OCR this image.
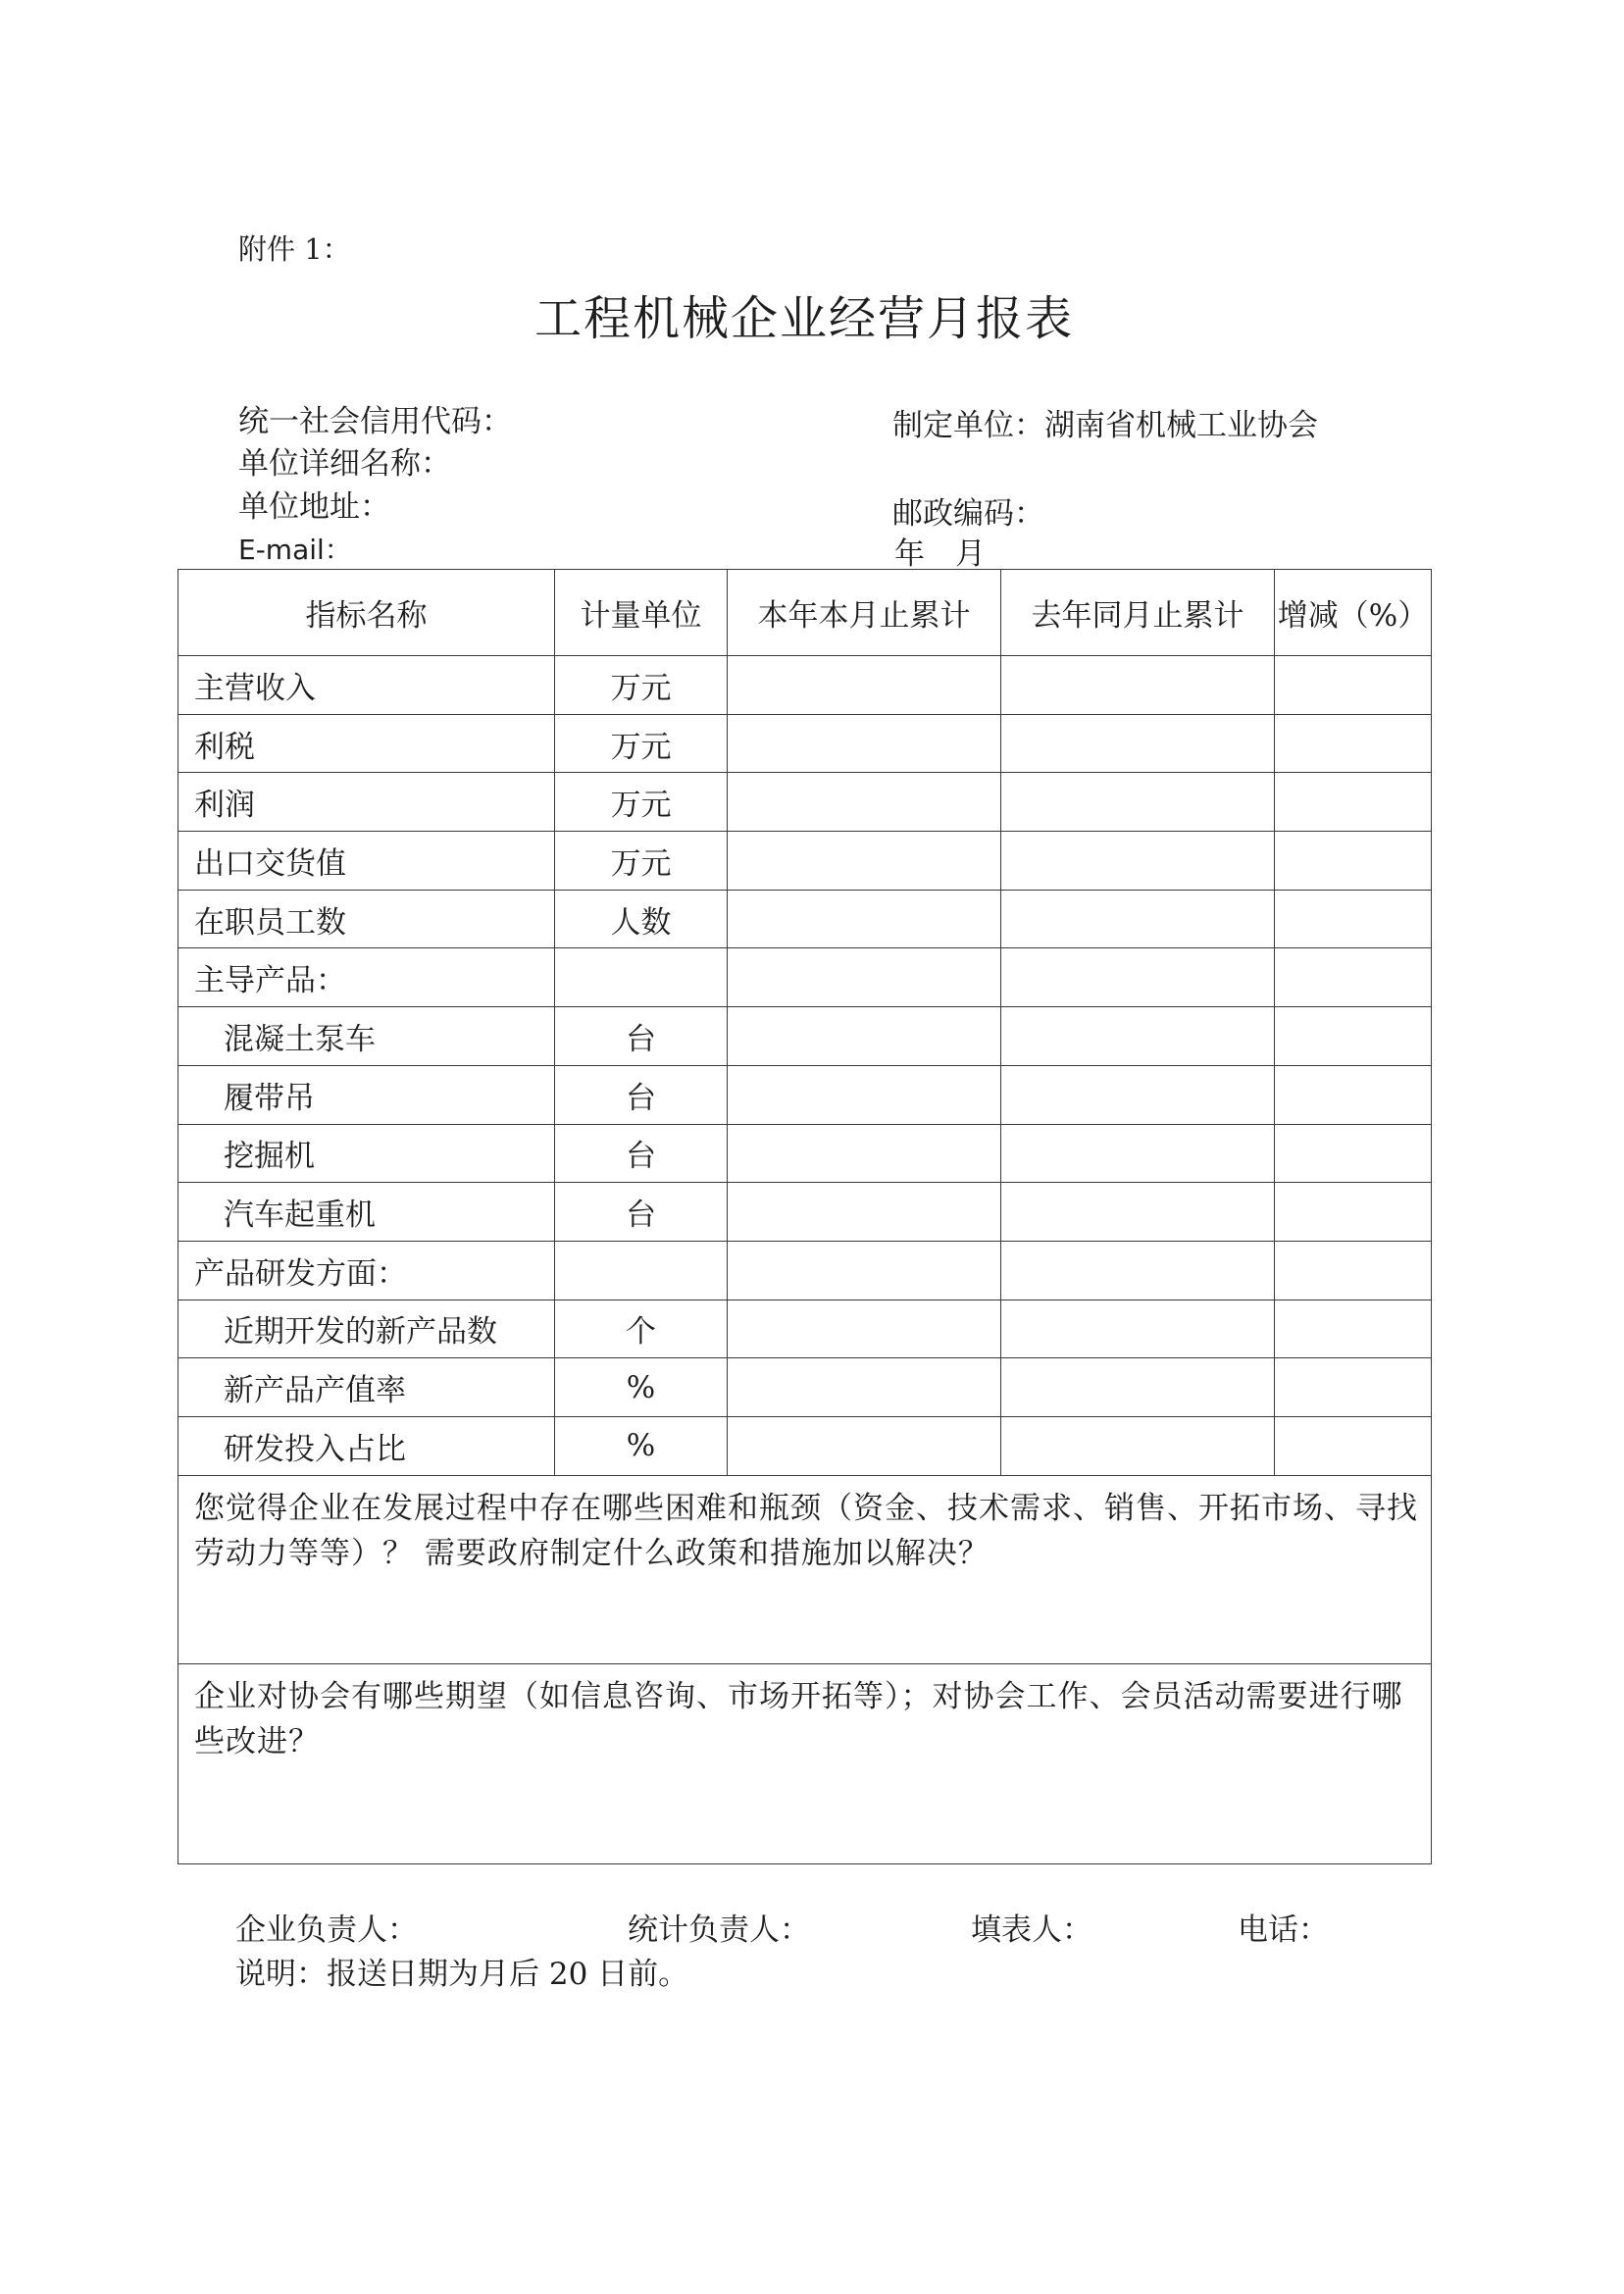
附件 1：
工程机械企业经营月报表
统一社会信用代码：
单位详细名称：
单位地址：
E-mail：
制定单位：湖南省机械工业协会
邮政编码：
年　月
指标名称	计量单位	本年本月止累计	去年同月止累计	增减（%）
主营收入	万元			
利税	万元			
利润	万元			
出口交货值	万元			
在职员工数	人数			
主导产品：				
混凝土泵车	台			
履带吊	台			
挖掘机	台			
汽车起重机	台			
产品研发方面：				
近期开发的新产品数	个			
新产品产值率	%			
研发投入占比	%			
您觉得企业在发展过程中存在哪些困难和瓶颈（资金、技术需求、销售、开拓市场、寻找劳动力等等）？ 需要政府制定什么政策和措施加以解决？				
企业对协会有哪些期望（如信息咨询、市场开拓等）；对协会工作、会员活动需要进行哪些改进？				
企业负责人：	统计负责人：	填表人：	电话：
说明：报送日期为月后 20 日前。
